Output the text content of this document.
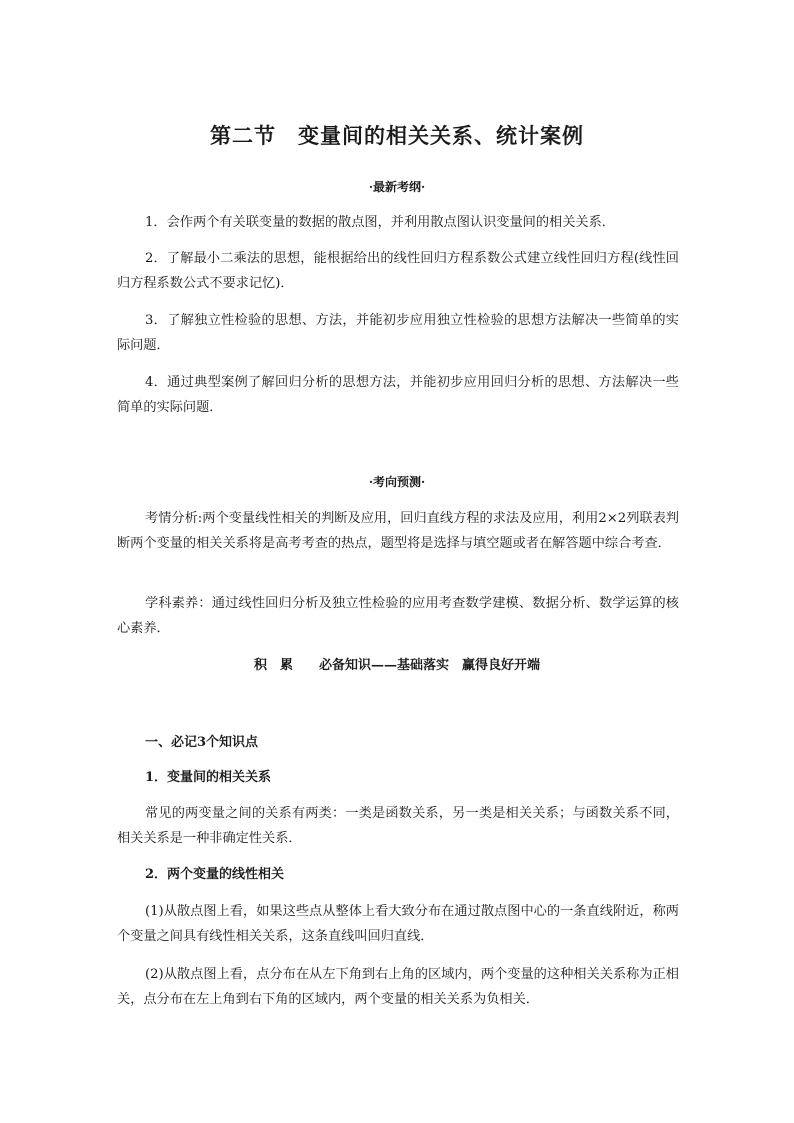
第二节　变量间的相关关系、统计案例
·最新考纲·

1．会作两个有关联变量的数据的散点图，并利用散点图认识变量间的相关关系．

2．了解最小二乘法的思想，能根据给出的线性回归方程系数公式建立线性回归方程(线性回归方程系数公式不要求记忆)．

3．了解独立性检验的思想、方法，并能初步应用独立性检验的思想方法解决一些简单的实际问题．

4．通过典型案例了解回归分析的思想方法，并能初步应用回归分析的思想、方法解决一些简单的实际问题．

·考向预测·

考情分析:两个变量线性相关的判断及应用，回归直线方程的求法及应用，利用2×2列联表判断两个变量的相关关系将是高考考查的热点，题型将是选择与填空题或者在解答题中综合考查．

学科素养：通过线性回归分析及独立性检验的应用考查数学建模、数据分析、数学运算的核心素养．

积　累　　必备知识——基础落实　赢得良好开端

一、必记3个知识点

1．变量间的相关关系

常见的两变量之间的关系有两类：一类是函数关系，另一类是相关关系；与函数关系不同，相关关系是一种非确定性关系．

2．两个变量的线性相关

(1)从散点图上看，如果这些点从整体上看大致分布在通过散点图中心的一条直线附近，称两个变量之间具有线性相关关系，这条直线叫回归直线．

(2)从散点图上看，点分布在从左下角到右上角的区域内，两个变量的这种相关关系称为正相关，点分布在左上角到右下角的区域内，两个变量的相关关系为负相关．
